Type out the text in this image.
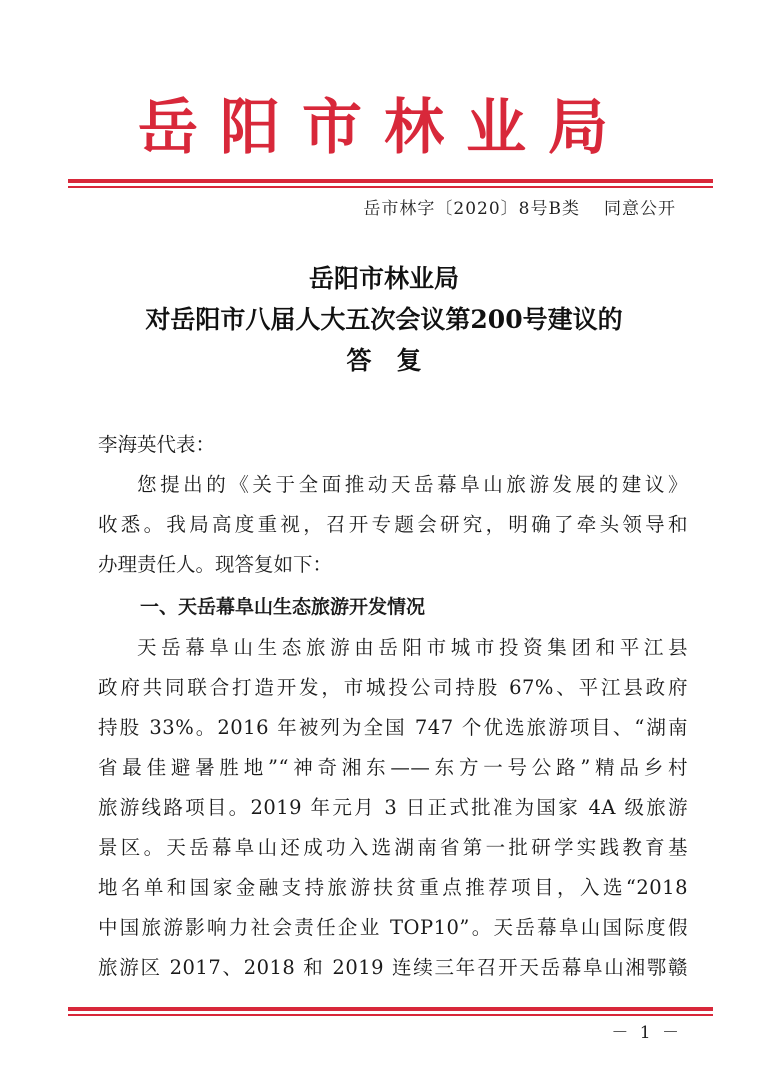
岳阳市林业局
岳市林字〔2020〕8号B类 同意公开
岳阳市林业局
对岳阳市八届人大五次会议第200号建议的
答　复
李海英代表：
您提出的《关于全面推动天岳幕阜山旅游发展的建议》
收悉。我局高度重视，召开专题会研究，明确了牵头领导和
办理责任人。现答复如下：
一、天岳幕阜山生态旅游开发情况
天岳幕阜山生态旅游由岳阳市城市投资集团和平江县
政府共同联合打造开发，市城投公司持股 67%、平江县政府
持股 33%。2016 年被列为全国 747 个优选旅游项目、“湖南
省最佳避暑胜地”“神奇湘东——东方一号公路”精品乡村
旅游线路项目。2019 年元月 3 日正式批准为国家 4A 级旅游
景区。天岳幕阜山还成功入选湖南省第一批研学实践教育基
地名单和国家金融支持旅游扶贫重点推荐项目，入选“2018
中国旅游影响力社会责任企业 TOP10”。天岳幕阜山国际度假
旅游区 2017、2018 和 2019 连续三年召开天岳幕阜山湘鄂赣
－ 1 －
